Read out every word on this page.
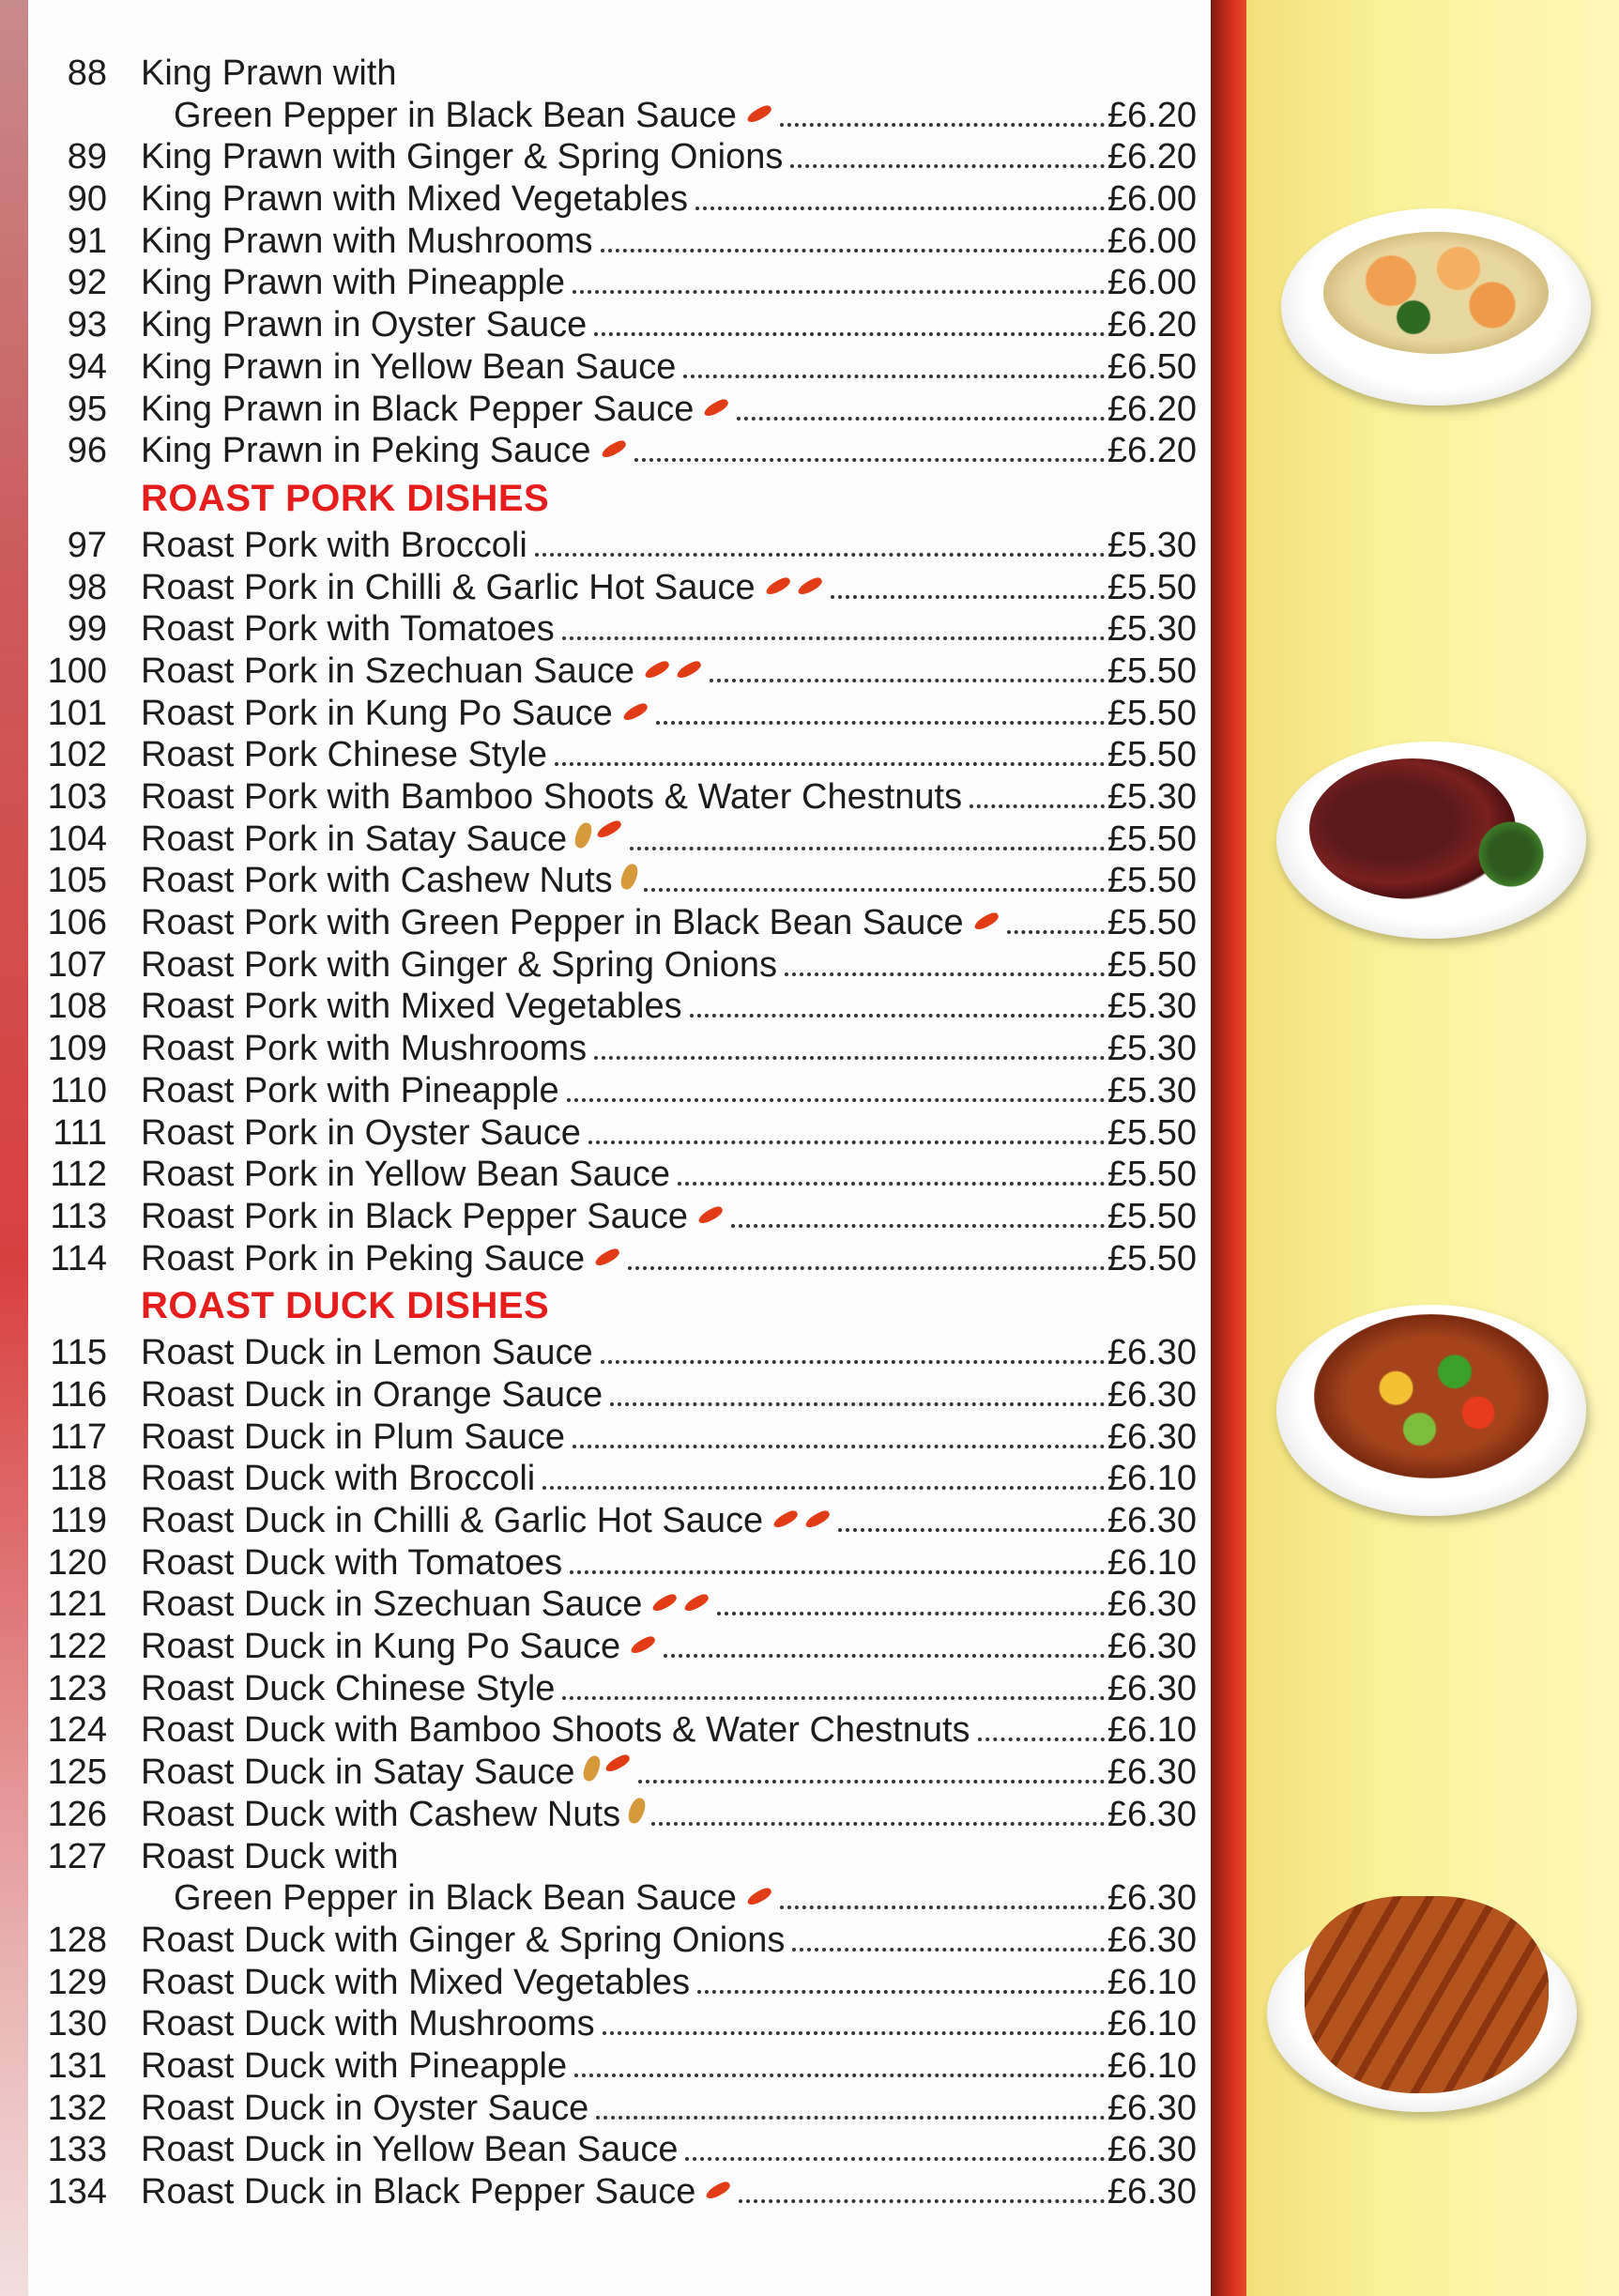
88 King Prawn with
Green Pepper in Black Bean Sauce	£6.20
89 King Prawn with Ginger & Spring Onions	£6.20
90 King Prawn with Mixed Vegetables	£6.00
91 King Prawn with Mushrooms	£6.00
92 King Prawn with Pineapple	£6.00
93 King Prawn in Oyster Sauce	£6.20
94 King Prawn in Yellow Bean Sauce	£6.50
95 King Prawn in Black Pepper Sauce	£6.20
96 King Prawn in Peking Sauce	£6.20
ROAST PORK DISHES
97 Roast Pork with Broccoli	£5.30
98 Roast Pork in Chilli & Garlic Hot Sauce	£5.50
99 Roast Pork with Tomatoes	£5.30
100 Roast Pork in Szechuan Sauce	£5.50
101 Roast Pork in Kung Po Sauce	£5.50
102 Roast Pork Chinese Style	£5.50
103 Roast Pork with Bamboo Shoots & Water Chestnuts	£5.30
104 Roast Pork in Satay Sauce	£5.50
105 Roast Pork with Cashew Nuts	£5.50
106 Roast Pork with Green Pepper in Black Bean Sauce	£5.50
107 Roast Pork with Ginger & Spring Onions	£5.50
108 Roast Pork with Mixed Vegetables	£5.30
109 Roast Pork with Mushrooms	£5.30
110 Roast Pork with Pineapple	£5.30
111 Roast Pork in Oyster Sauce	£5.50
112 Roast Pork in Yellow Bean Sauce	£5.50
113 Roast Pork in Black Pepper Sauce	£5.50
114 Roast Pork in Peking Sauce	£5.50
ROAST DUCK DISHES
115 Roast Duck in Lemon Sauce	£6.30
116 Roast Duck in Orange Sauce	£6.30
117 Roast Duck in Plum Sauce	£6.30
118 Roast Duck with Broccoli	£6.10
119 Roast Duck in Chilli & Garlic Hot Sauce	£6.30
120 Roast Duck with Tomatoes	£6.10
121 Roast Duck in Szechuan Sauce	£6.30
122 Roast Duck in Kung Po Sauce	£6.30
123 Roast Duck Chinese Style	£6.30
124 Roast Duck with Bamboo Shoots & Water Chestnuts	£6.10
125 Roast Duck in Satay Sauce	£6.30
126 Roast Duck with Cashew Nuts	£6.30
127 Roast Duck with
Green Pepper in Black Bean Sauce	£6.30
128 Roast Duck with Ginger & Spring Onions	£6.30
129 Roast Duck with Mixed Vegetables	£6.10
130 Roast Duck with Mushrooms	£6.10
131 Roast Duck with Pineapple	£6.10
132 Roast Duck in Oyster Sauce	£6.30
133 Roast Duck in Yellow Bean Sauce	£6.30
134 Roast Duck in Black Pepper Sauce	£6.30
